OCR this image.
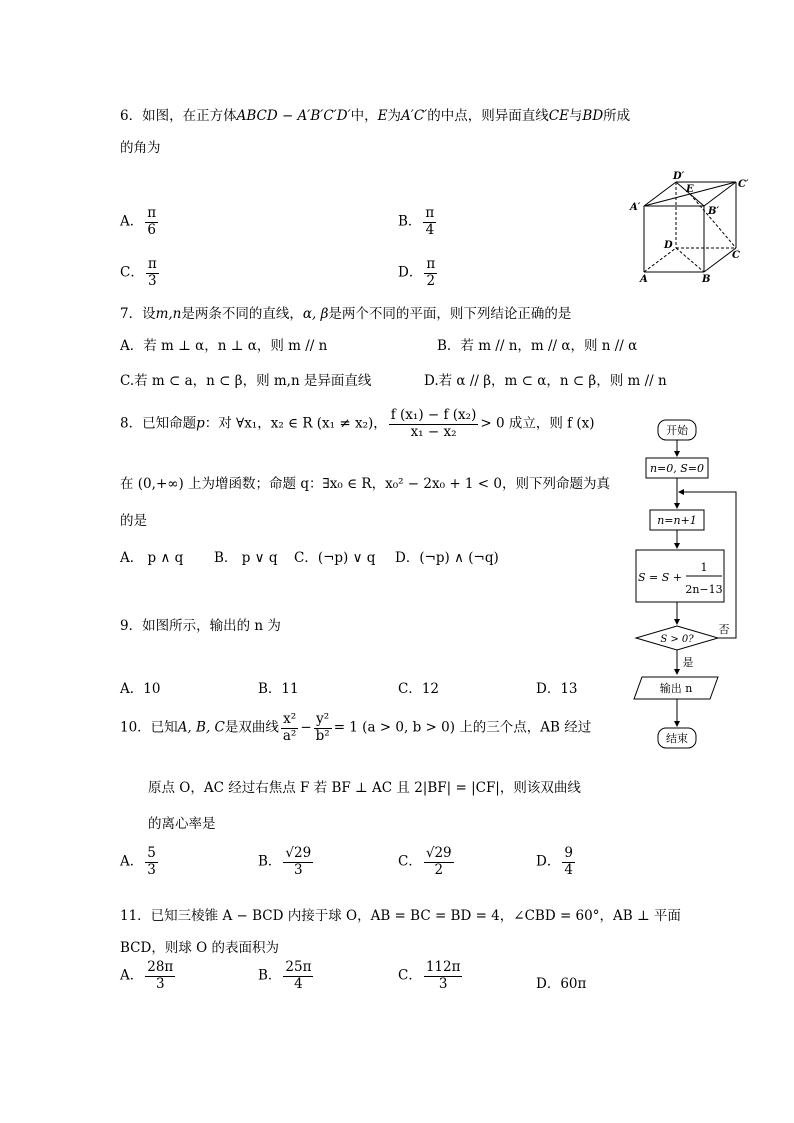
6．如图，在正方体ABCD − A′B′C′D′中，E为A′C′的中点，则异面直线CE与BD所成
的角为
A． $\frac{\pi}{6}$	B． $\frac{\pi}{4}$
C． $\frac{\pi}{3}$	D． $\frac{\pi}{2}$
D′
C′
A′
E
B′
D
C
A	B
7．设m,n是两条不同的直线，α, β是两个不同的平面，则下列结论正确的是
A．若 m ⊥ α，n ⊥ α，则 m // n	B．若 m // n，m // α，则 n // α
C.若 m ⊂ a，n ⊂ β，则 m,n 是异面直线	D.若 α // β，m ⊂ α，n ⊂ β，则 m // n
8．已知命题p：对 ∀x₁，x₂ ∈ R (x₁ ≠ x₂)， $\frac{\text{f (x₁) − f (x₂)}}{\text{x₁ − x₂}} > 0$ 成立，则 f (x)
在 (0,+∞) 上为增函数；命题 q：∃x₀ ∈ R，x₀² − 2x₀ + 1 < 0，则下列命题为真
的是
A． p ∧ q B． p ∨ q C．(¬p) ∨ q D．(¬p) ∧ (¬q)
9．如图所示，输出的 n 为
A．10	B．11	C．12	D．13
开始
n=0, S=0
n=n+1
S = S +
1
2n−13
S > 0?
否
是
输出 n
结束
10．已知A, B, C是双曲线 $\frac{\text{x²}}{\text{a²}} - \frac{\text{y²}}{\text{b²}} = 1$ (a > 0, b > 0) 上的三个点，AB 经过
原点 O，AC 经过右焦点 F 若 BF ⊥ AC 且 2|BF| = |CF|，则该双曲线
的离心率是
A． $\frac{5}{3}$	B． $\frac{√29}{3}$	C． $\frac{√29}{2}$	D． $\frac{9}{4}$
11．已知三棱锥 A − BCD 内接于球 O，AB = BC = BD = 4，∠CBD = 60°，AB ⊥ 平面
BCD，则球 O 的表面积为
A． $\frac{28\pi}{3}$	B． $\frac{25\pi}{4}$	C． $\frac{112\pi}{3}$	D．60π
